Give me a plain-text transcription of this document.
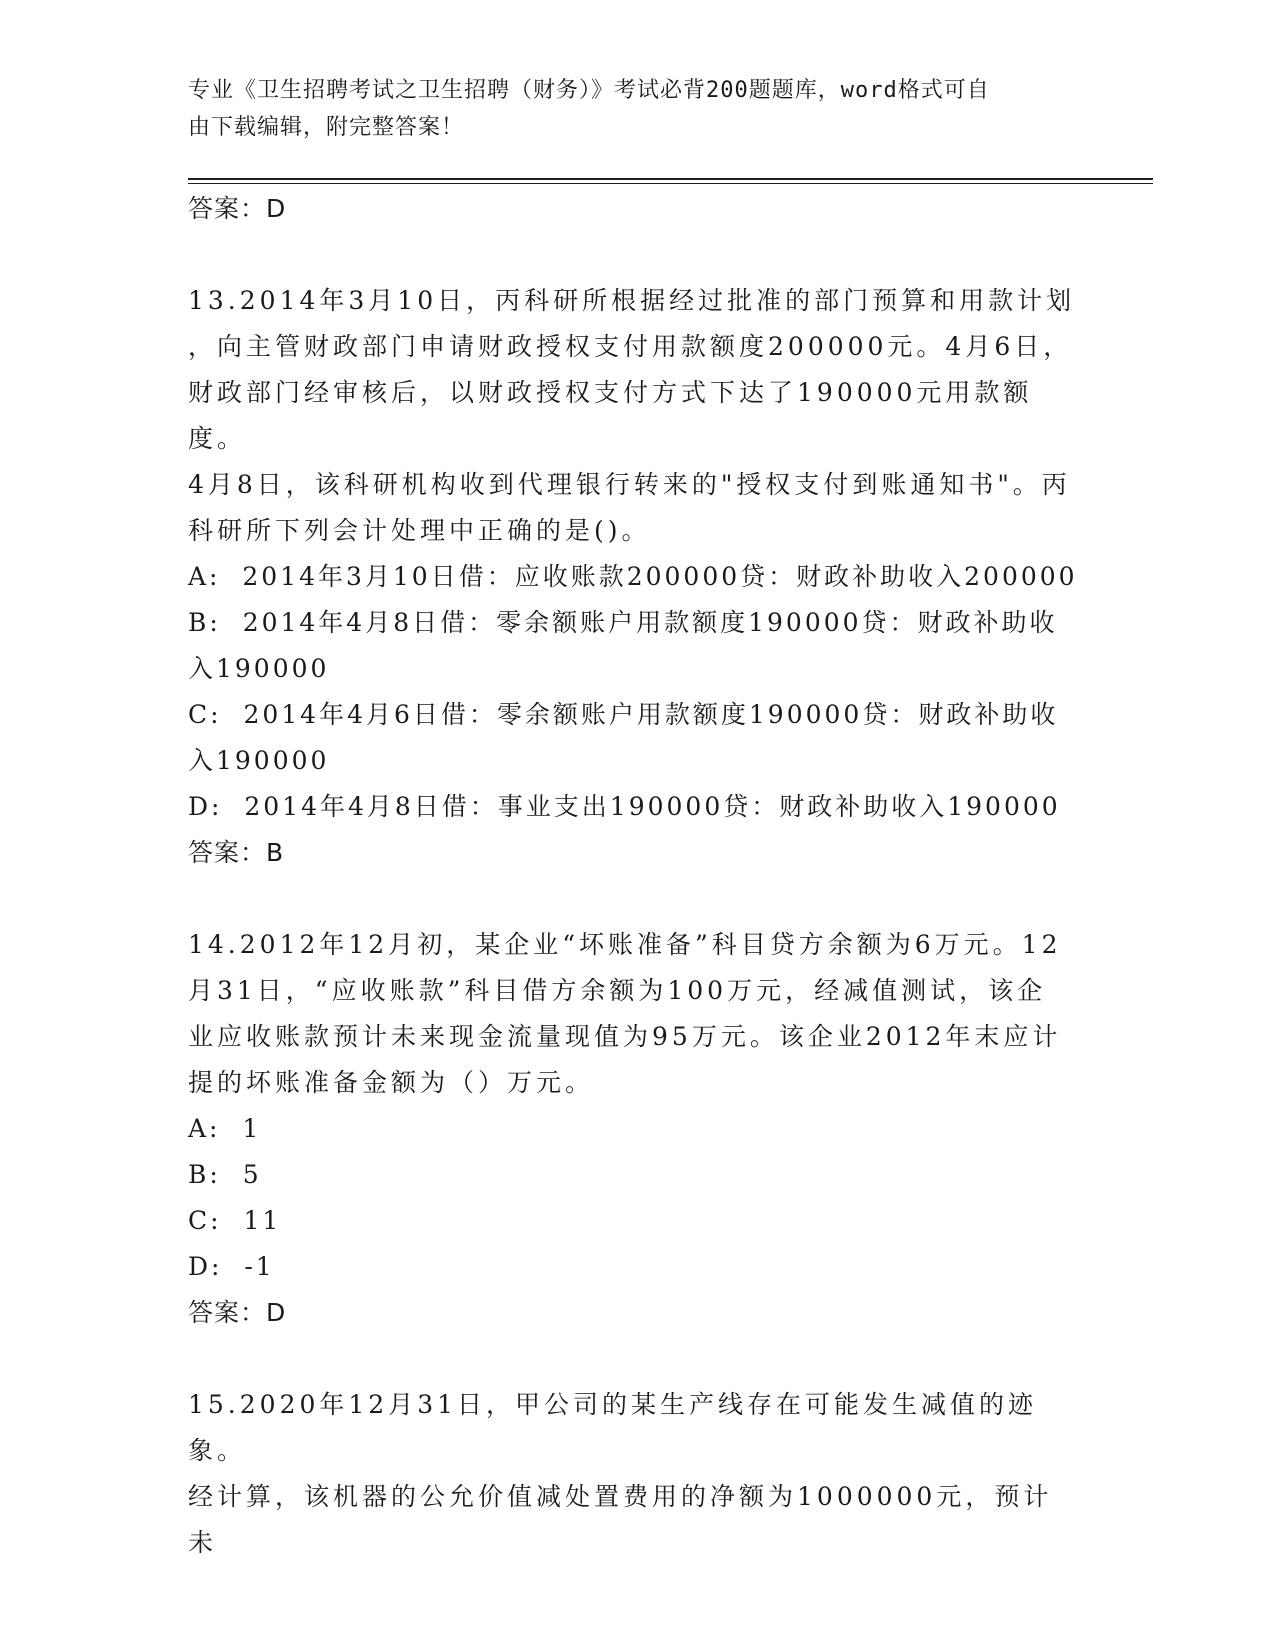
专业《卫生招聘考试之卫生招聘（财务）》考试必背200题题库，word格式可自
由下载编辑，附完整答案！
答案：D
13.2014年3月10日，丙科研所根据经过批准的部门预算和用款计划
，向主管财政部门申请财政授权支付用款额度200000元。4月6日，
财政部门经审核后，以财政授权支付方式下达了190000元用款额度。
4月8日，该科研机构收到代理银行转来的"授权支付到账通知书"。丙
科研所下列会计处理中正确的是()。
A:  2014年3月10日借：应收账款200000贷：财政补助收入200000
B:  2014年4月8日借：零余额账户用款额度190000贷：财政补助收
入190000
C:  2014年4月6日借：零余额账户用款额度190000贷：财政补助收
入190000
D:  2014年4月8日借：事业支出190000贷：财政补助收入190000
答案：B
14.2012年12月初，某企业“坏账准备”科目贷方余额为6万元。12
月31日，“应收账款”科目借方余额为100万元，经减值测试，该企
业应收账款预计未来现金流量现值为95万元。该企业2012年末应计
提的坏账准备金额为（）万元。
A:  1
B:  5
C:  11
D:  -1
答案：D
15.2020年12月31日，甲公司的某生产线存在可能发生减值的迹象。
经计算，该机器的公允价值减处置费用的净额为1000000元，预计未
